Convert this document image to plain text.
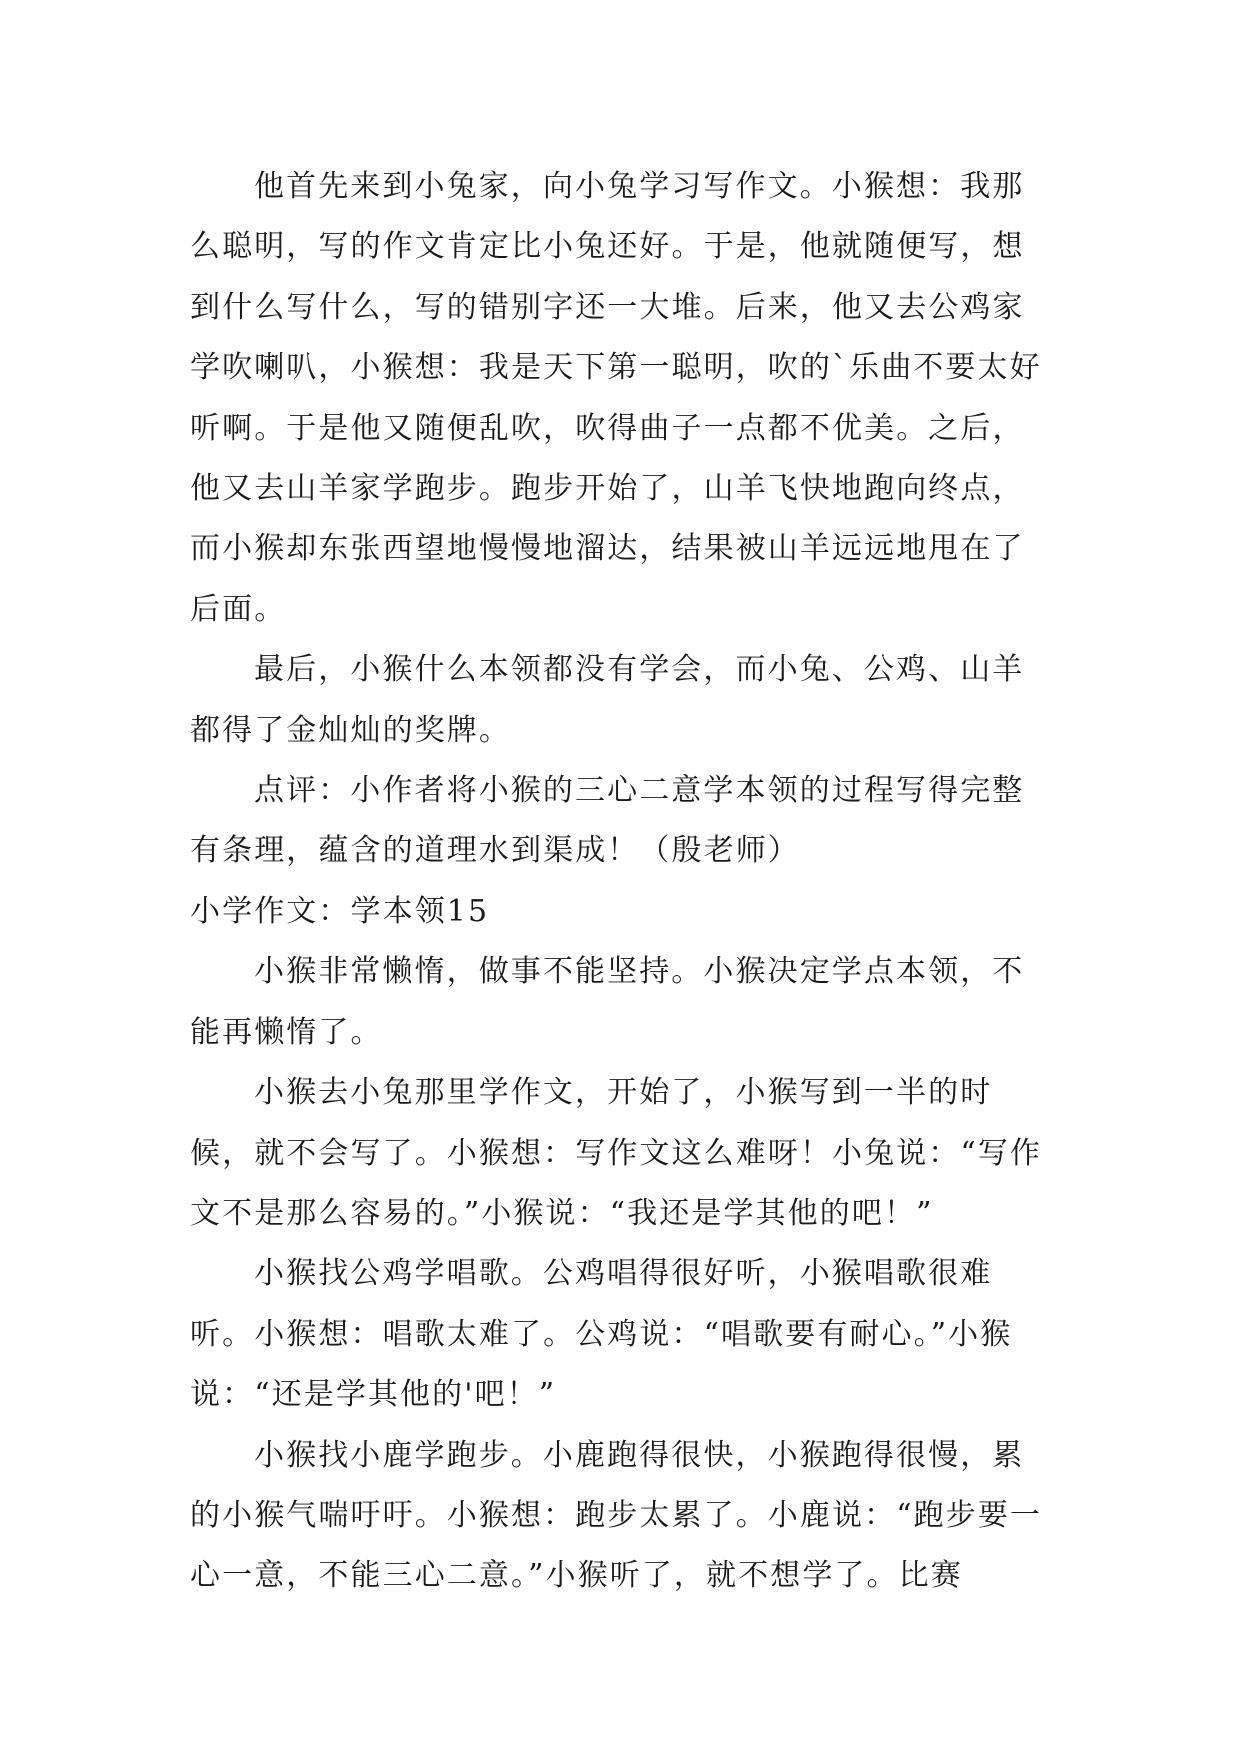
他首先来到小兔家，向小兔学习写作文。小猴想：我那么聪明，写的作文肯定比小兔还好。于是，他就随便写，想到什么写什么，写的错别字还一大堆。后来，他又去公鸡家学吹喇叭，小猴想：我是天下第一聪明，吹的`乐曲不要太好听啊。于是他又随便乱吹，吹得曲子一点都不优美。之后，他又去山羊家学跑步。跑步开始了，山羊飞快地跑向终点，而小猴却东张西望地慢慢地溜达，结果被山羊远远地甩在了后面。

最后，小猴什么本领都没有学会，而小兔、公鸡、山羊都得了金灿灿的奖牌。

点评：小作者将小猴的三心二意学本领的过程写得完整有条理，蕴含的道理水到渠成！（殷老师）

小学作文：学本领15

小猴非常懒惰，做事不能坚持。小猴决定学点本领，不能再懒惰了。

小猴去小兔那里学作文，开始了，小猴写到一半的时候，就不会写了。小猴想：写作文这么难呀！小兔说：“写作文不是那么容易的。”小猴说：“我还是学其他的吧！”

小猴找公鸡学唱歌。公鸡唱得很好听，小猴唱歌很难听。小猴想：唱歌太难了。公鸡说：“唱歌要有耐心。”小猴说：“还是学其他的'吧！”

小猴找小鹿学跑步。小鹿跑得很快，小猴跑得很慢，累的小猴气喘吁吁。小猴想：跑步太累了。小鹿说：“跑步要一心一意，不能三心二意。”小猴听了，就不想学了。比赛
